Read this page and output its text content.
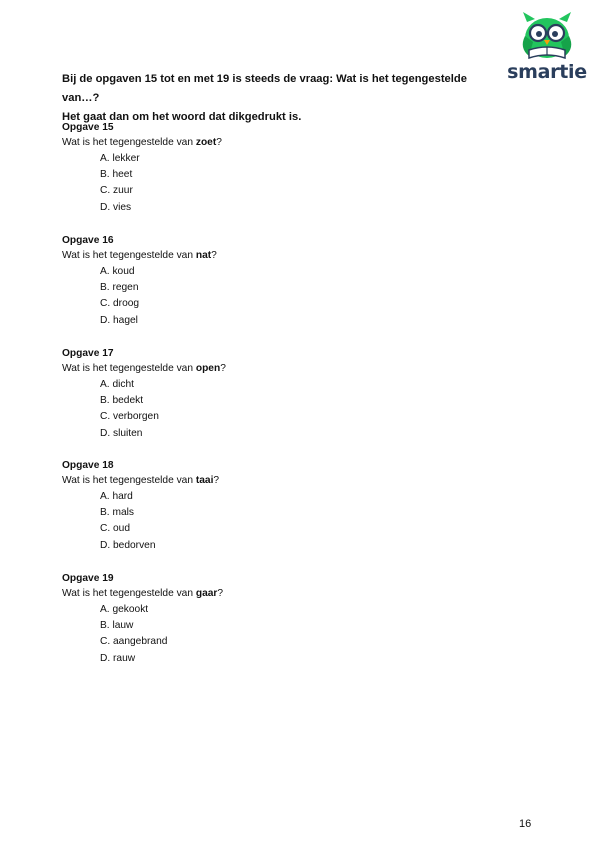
smartie

Bij de opgaven 15 tot en met 19 is steeds de vraag: Wat is het tegengestelde van…?

Het gaat dan om het woord dat dikgedrukt is.

Opgave 15
Wat is het tegengestelde van zoet?
A. lekker
B. heet
C. zuur
D. vies
Opgave 16
Wat is het tegengestelde van nat?
A. koud
B. regen
C. droog
D. hagel
Opgave 17
Wat is het tegengestelde van open?
A. dicht
B. bedekt
C. verborgen
D. sluiten
Opgave 18
Wat is het tegengestelde van taai?
A. hard
B. mals
C. oud
D. bedorven
Opgave 19
Wat is het tegengestelde van gaar?
A. gekookt
B. lauw
C. aangebrand
D. rauw
16
